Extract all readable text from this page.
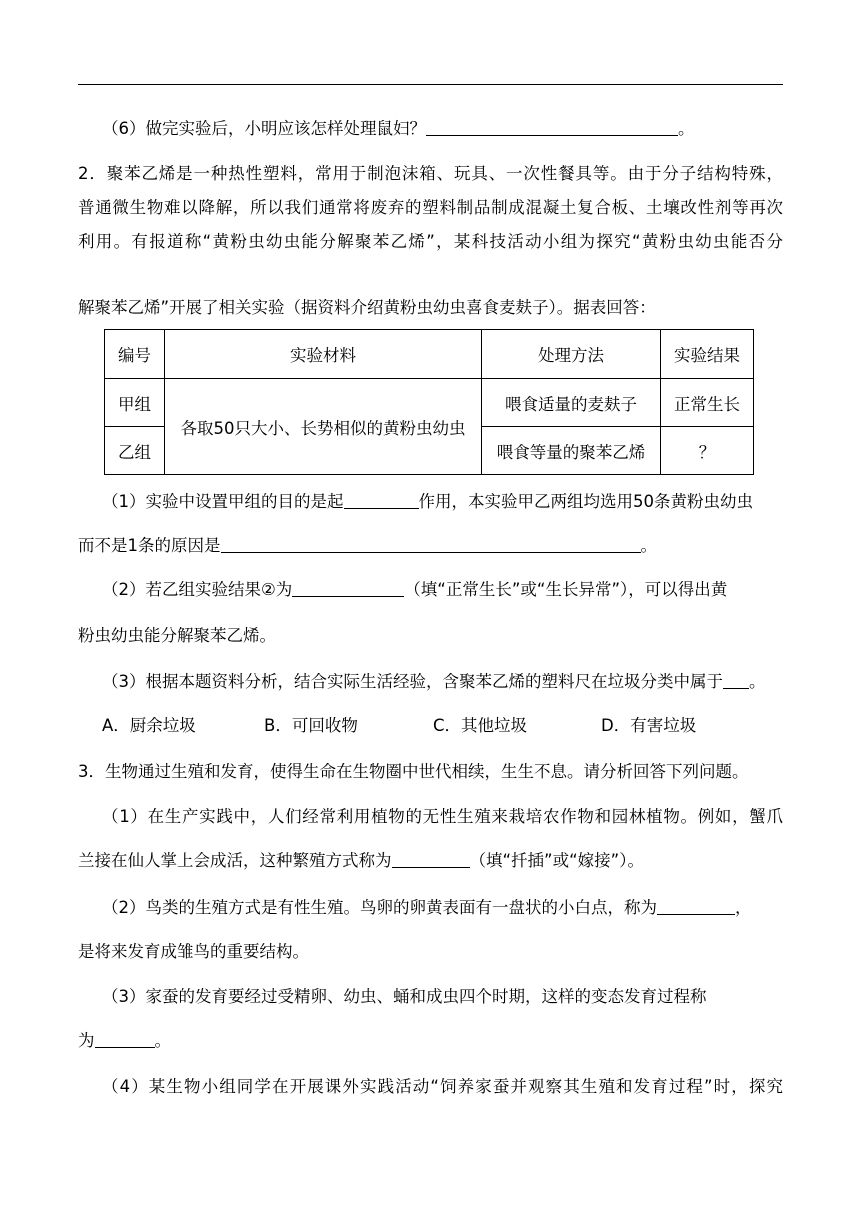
（6）做完实验后，小明应该怎样处理鼠妇？	。
2．聚苯乙烯是一种热性塑料，常用于制泡沫箱、玩具、一次性餐具等。由于分子结构特殊，
普通微生物难以降解，所以我们通常将废弃的塑料制品制成混凝土复合板、土壤改性剂等再次
利用。有报道称“黄粉虫幼虫能分解聚苯乙烯”，某科技活动小组为探究“黄粉虫幼虫能否分
解聚苯乙烯”开展了相关实验（据资料介绍黄粉虫幼虫喜食麦麸子）。据表回答：
编号	实验材料	处理方法	实验结果
甲组	各取50只大小、长势相似的黄粉虫幼虫	喂食适量的麦麸子	正常生长
乙组		喂食等量的聚苯乙烯	？
（1）实验中设置甲组的目的是起	作用，本实验甲乙两组均选用50条黄粉虫幼虫
而不是1条的原因是	。
（2）若乙组实验结果②为	（填“正常生长”或“生长异常”），可以得出黄
粉虫幼虫能分解聚苯乙烯。
（3）根据本题资料分析，结合实际生活经验，含聚苯乙烯的塑料尺在垃圾分类中属于 。
A．厨余垃圾	B．可回收物	C．其他垃圾	D．有害垃圾
3．生物通过生殖和发育，使得生命在生物圈中世代相续，生生不息。请分析回答下列问题。
（1）在生产实践中，人们经常利用植物的无性生殖来栽培农作物和园林植物。例如，蟹爪
兰接在仙人掌上会成活，这种繁殖方式称为	（填“扦插”或“嫁接”）。
（2）鸟类的生殖方式是有性生殖。鸟卵的卵黄表面有一盘状的小白点，称为	，
是将来发育成雏鸟的重要结构。
（3）家蚕的发育要经过受精卵、幼虫、蛹和成虫四个时期，这样的变态发育过程称
为	。
（4）某生物小组同学在开展课外实践活动“饲养家蚕并观察其生殖和发育过程”时，探究
